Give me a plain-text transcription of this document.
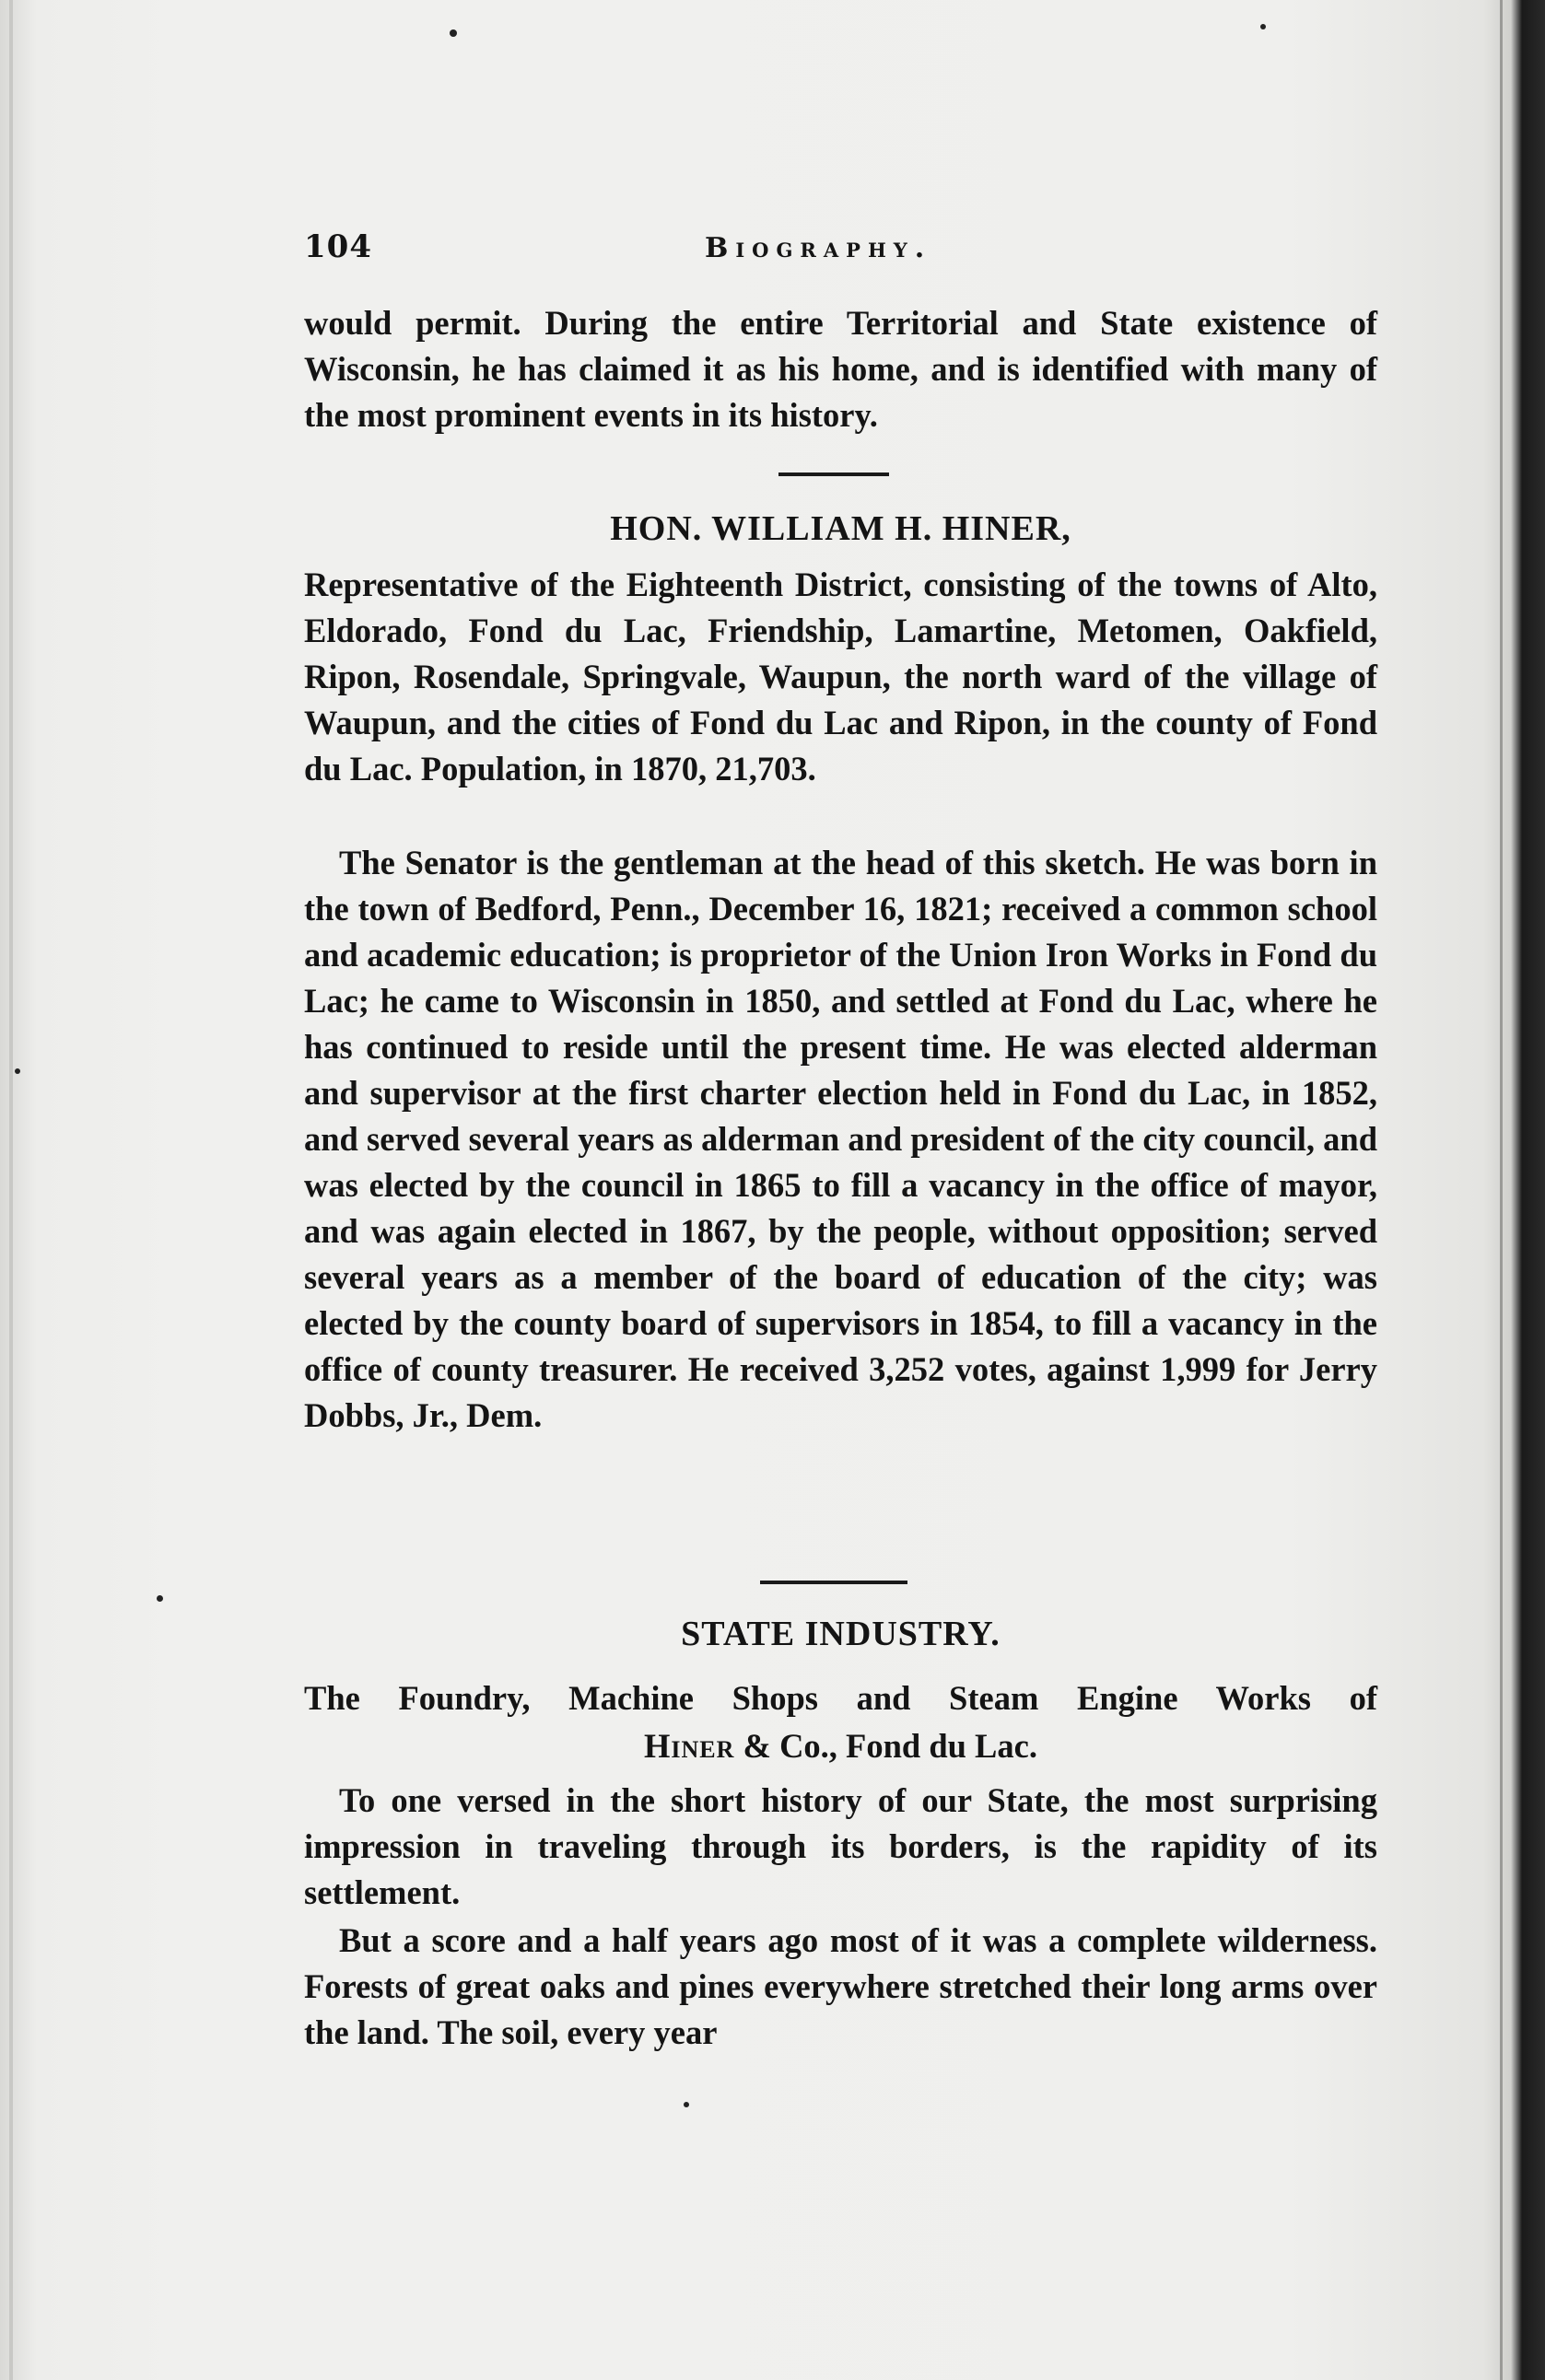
104	Biography.

would permit. During the entire Territorial and State existence of Wisconsin, he has claimed it as his home, and is identified with many of the most prominent events in its history.

HON. WILLIAM H. HINER,

Representative of the Eighteenth District, consisting of the towns of Alto, Eldorado, Fond du Lac, Friendship, Lamartine, Metomen, Oakfield, Ripon, Rosendale, Springvale, Waupun, the north ward of the village of Waupun, and the cities of Fond du Lac and Ripon, in the county of Fond du Lac. Population, in 1870, 21,703.

The Senator is the gentleman at the head of this sketch. He was born in the town of Bedford, Penn., December 16, 1821; received a common school and academic education; is proprietor of the Union Iron Works in Fond du Lac; he came to Wisconsin in 1850, and settled at Fond du Lac, where he has continued to reside until the present time. He was elected alderman and supervisor at the first charter election held in Fond du Lac, in 1852, and served several years as alderman and president of the city council, and was elected by the council in 1865 to fill a vacancy in the office of mayor, and was again elected in 1867, by the people, without opposition; served several years as a member of the board of education of the city; was elected by the county board of supervisors in 1854, to fill a vacancy in the office of county treasurer. He received 3,252 votes, against 1,999 for Jerry Dobbs, Jr., Dem.

STATE INDUSTRY.
The Foundry, Machine Shops and Steam Engine Works of
Hiner & Co., Fond du Lac.

To one versed in the short history of our State, the most surprising impression in traveling through its borders, is the rapidity of its settlement.

But a score and a half years ago most of it was a complete wilderness. Forests of great oaks and pines everywhere stretched their long arms over the land. The soil, every year
